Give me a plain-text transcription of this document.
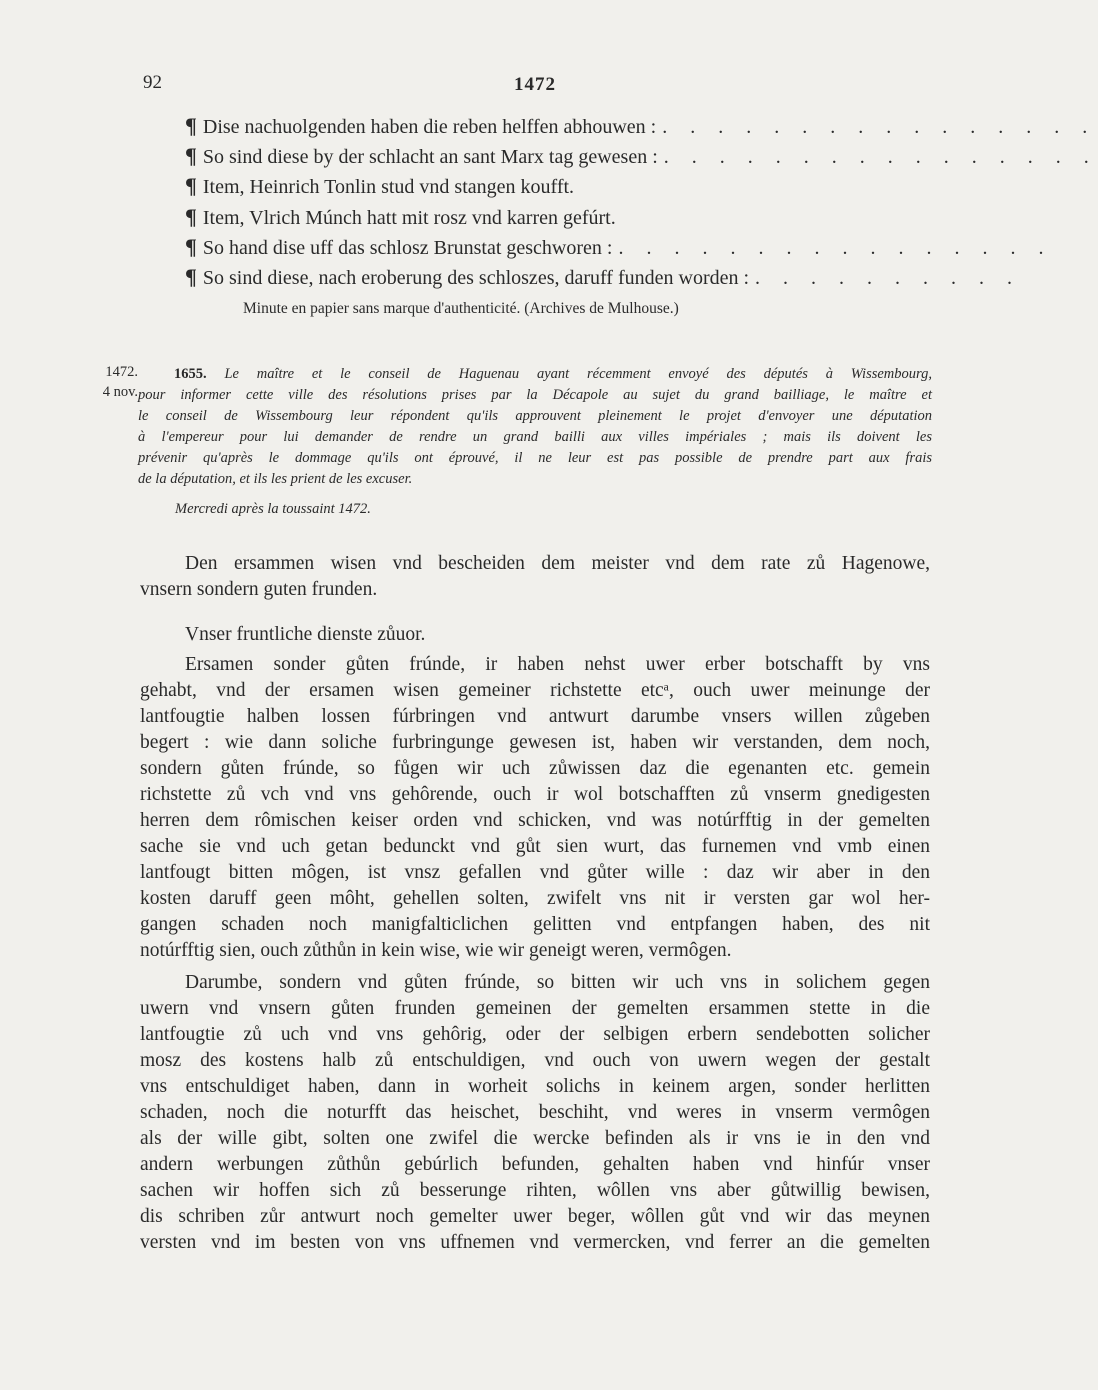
92	1472
¶ Dise nachuolgenden haben die reben helffen abhouwen : . . . . . . . . . . . . . . . .
¶ So sind diese by der schlacht an sant Marx tag gewesen : . . . . . . . . . . . . . . . .
¶ Item, Heinrich Tonlin stud vnd stangen koufft.
¶ Item, Vlrich Múnch hatt mit rosz vnd karren gefúrt.
¶ So hand dise uff das schlosz Brunstat geschworen : . . . . . . . . . . . . . . . .
¶ So sind diese, nach eroberung des schloszes, daruff funden worden : . . . . . . . . . .
Minute en papier sans marque d'authenticité. (Archives de Mulhouse.)
1472.
4 nov.
1655. Le maître et le conseil de Haguenau ayant récemment envoyé des députés à Wissembourg,
pour informer cette ville des résolutions prises par la Décapole au sujet du grand bailliage, le maître et
le conseil de Wissembourg leur répondent qu'ils approuvent pleinement le projet d'envoyer une députation
à l'empereur pour lui demander de rendre un grand bailli aux villes impériales ; mais ils doivent les
prévenir qu'après le dommage qu'ils ont éprouvé, il ne leur est pas possible de prendre part aux frais
de la députation, et ils les prient de les excuser.
Mercredi après la toussaint 1472.
Den ersammen wisen vnd bescheiden dem meister vnd dem rate zů Hagenowe,
vnsern sondern guten frunden.
Vnser fruntliche dienste zůuor.
Ersamen sonder gůten frúnde, ir haben nehst uwer erber botschafft by vns
gehabt, vnd der ersamen wisen gemeiner richstette etcᵃ, ouch uwer meinunge der
lantfougtie halben lossen fúrbringen vnd antwurt darumbe vnsers willen zůgeben
begert : wie dann soliche furbringunge gewesen ist, haben wir verstanden, dem noch,
sondern gůten frúnde, so fůgen wir uch zůwissen daz die egenanten etc. gemein
richstette zů vch vnd vns gehôrende, ouch ir wol botschafften zů vnserm gnedigesten
herren dem rômischen keiser orden vnd schicken, vnd was notúrfftig in der gemelten
sache sie vnd uch getan bedunckt vnd gůt sien wurt, das furnemen vnd vmb einen
lantfougt bitten môgen, ist vnsz gefallen vnd gůter wille : daz wir aber in den
kosten daruff geen môht, gehellen solten, zwifelt vns nit ir versten gar wol her-
gangen schaden noch manigfalticlichen gelitten vnd entpfangen haben, des nit
notúrfftig sien, ouch zůthůn in kein wise, wie wir geneigt weren, vermôgen.
Darumbe, sondern vnd gůten frúnde, so bitten wir uch vns in solichem gegen
uwern vnd vnsern gůten frunden gemeinen der gemelten ersammen stette in die
lantfougtie zů uch vnd vns gehôrig, oder der selbigen erbern sendebotten solicher
mosz des kostens halb zů entschuldigen, vnd ouch von uwern wegen der gestalt
vns entschuldiget haben, dann in worheit solichs in keinem argen, sonder herlitten
schaden, noch die noturfft das heischet, beschiht, vnd weres in vnserm vermôgen
als der wille gibt, solten one zwifel die wercke befinden als ir vns ie in den vnd
andern werbungen zůthůn gebúrlich befunden, gehalten haben vnd hinfúr vnser
sachen wir hoffen sich zů besserunge rihten, wôllen vns aber gůtwillig bewisen,
dis schriben zůr antwurt noch gemelter uwer beger, wôllen gůt vnd wir das meynen
versten vnd im besten von vns uffnemen vnd vermercken, vnd ferrer an die gemelten
